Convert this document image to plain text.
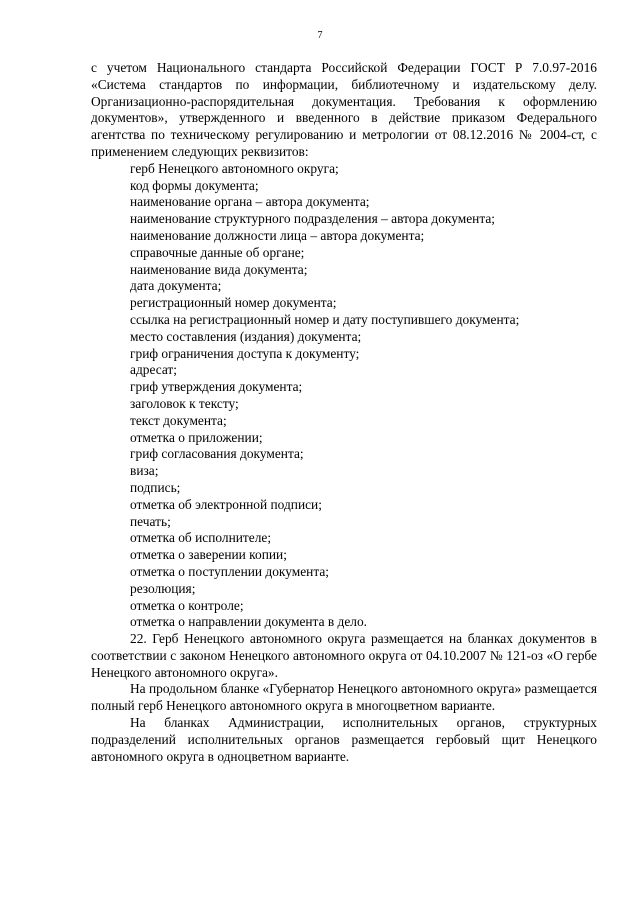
7

с учетом Национального стандарта Российской Федерации ГОСТ Р 7.0.97-2016 «Система стандартов по информации, библиотечному и издательскому делу. Организационно-распорядительная документация. Требования к оформлению документов», утвержденного и введенного в действие приказом Федерального агентства по техническому регулированию и метрологии от 08.12.2016 № 2004-ст, с применением следующих реквизитов:

герб Ненецкого автономного округа;
код формы документа;
наименование органа – автора документа;
наименование структурного подразделения – автора документа;
наименование должности лица – автора документа;
справочные данные об органе;
наименование вида документа;
дата документа;
регистрационный номер документа;
ссылка на регистрационный номер и дату поступившего документа;
место составления (издания) документа;
гриф ограничения доступа к документу;
адресат;
гриф утверждения документа;
заголовок к тексту;
текст документа;
отметка о приложении;
гриф согласования документа;
виза;
подпись;
отметка об электронной подписи;
печать;
отметка об исполнителе;
отметка о заверении копии;
отметка о поступлении документа;
резолюция;
отметка о контроле;
отметка о направлении документа в дело.

22. Герб Ненецкого автономного округа размещается на бланках документов в соответствии с законом Ненецкого автономного округа от 04.10.2007 № 121-оз «О гербе Ненецкого автономного округа».

На продольном бланке «Губернатор Ненецкого автономного округа» размещается полный герб Ненецкого автономного округа в многоцветном варианте.

На бланках Администрации, исполнительных органов, структурных подразделений исполнительных органов размещается гербовый щит Ненецкого автономного округа в одноцветном варианте.
